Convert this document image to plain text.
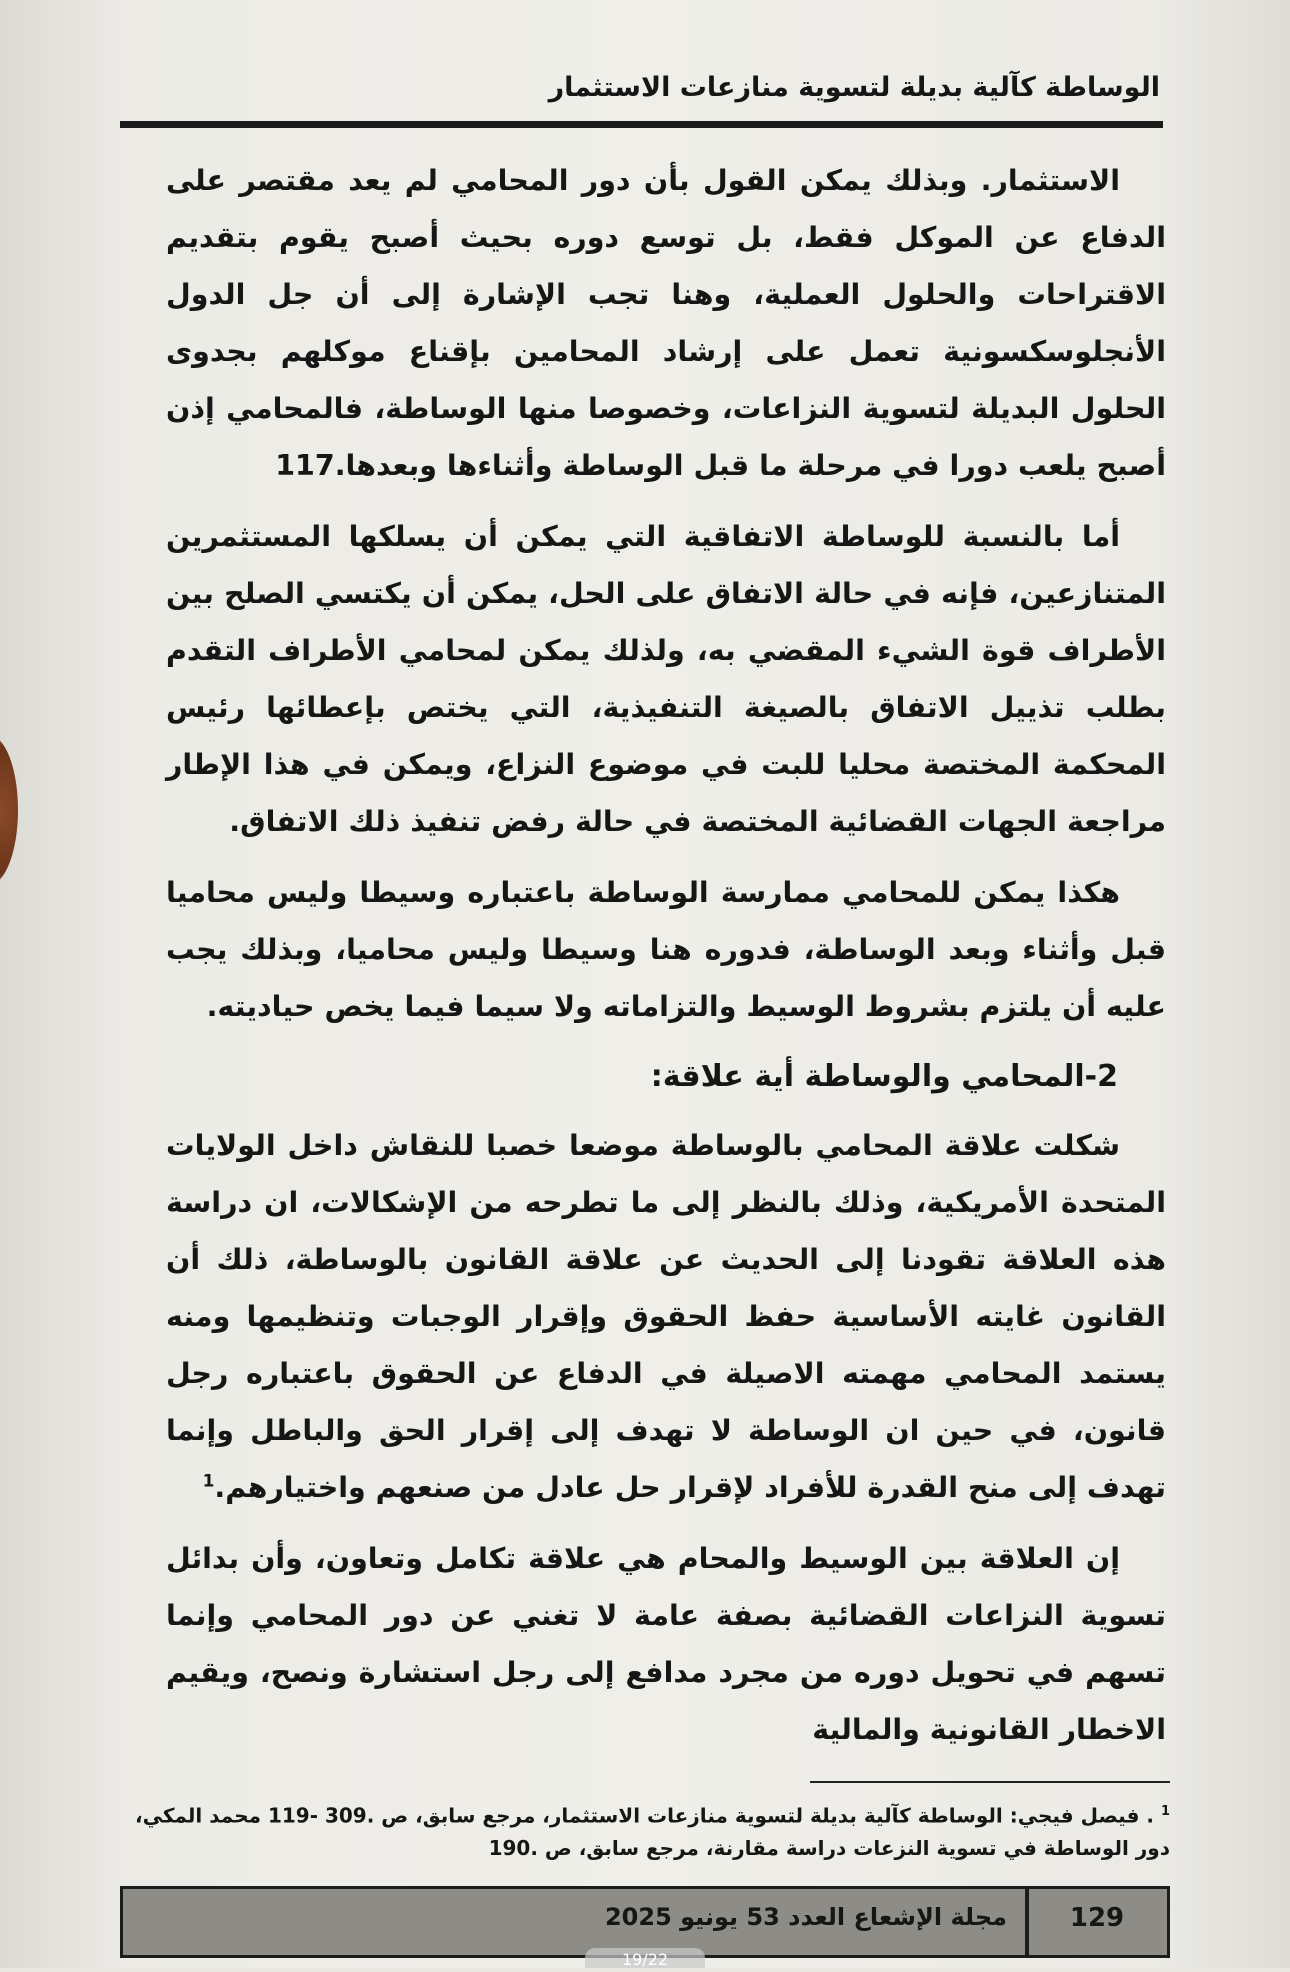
الوساطة كآلية بديلة لتسوية منازعات الاستثمار

الاستثمار. وبذلك يمكن القول بأن دور المحامي لم يعد مقتصر على الدفاع عن الموكل فقط، بل توسع دوره بحيث أصبح يقوم بتقديم الاقتراحات والحلول العملية، وهنا تجب الإشارة إلى أن جل الدول الأنجلوسكسونية تعمل على إرشاد المحامين بإقناع موكلهم بجدوى الحلول البديلة لتسوية النزاعات، وخصوصا منها الوساطة، فالمحامي إذن أصبح يلعب دورا في مرحلة ما قبل الوساطة وأثناءها وبعدها.117

أما بالنسبة للوساطة الاتفاقية التي يمكن أن يسلكها المستثمرين المتنازعين، فإنه في حالة الاتفاق على الحل، يمكن أن يكتسي الصلح بين الأطراف قوة الشيء المقضي به، ولذلك يمكن لمحامي الأطراف التقدم بطلب تذييل الاتفاق بالصيغة التنفيذية، التي يختص بإعطائها رئيس المحكمة المختصة محليا للبت في موضوع النزاع، ويمكن في هذا الإطار مراجعة الجهات القضائية المختصة في حالة رفض تنفيذ ذلك الاتفاق.

هكذا يمكن للمحامي ممارسة الوساطة باعتباره وسيطا وليس محاميا قبل وأثناء وبعد الوساطة، فدوره هنا وسيطا وليس محاميا، وبذلك يجب عليه أن يلتزم بشروط الوسيط والتزاماته ولا سيما فيما يخص حياديته.

2-المحامي والوساطة أية علاقة:

شكلت علاقة المحامي بالوساطة موضعا خصبا للنقاش داخل الولايات المتحدة الأمريكية، وذلك بالنظر إلى ما تطرحه من الإشكالات، ان دراسة هذه العلاقة تقودنا إلى الحديث عن علاقة القانون بالوساطة، ذلك أن القانون غايته الأساسية حفظ الحقوق وإقرار الوجبات وتنظيمها ومنه يستمد المحامي مهمته الاصيلة في الدفاع عن الحقوق باعتباره رجل قانون، في حين ان الوساطة لا تهدف إلى إقرار الحق والباطل وإنما تهدف إلى منح القدرة للأفراد لإقرار حل عادل من صنعهم واختيارهم.$^1$

إن العلاقة بين الوسيط والمحام هي علاقة تكامل وتعاون، وأن بدائل تسوية النزاعات القضائية بصفة عامة لا تغني عن دور المحامي وإنما تسهم في تحويل دوره من مجرد مدافع إلى رجل استشارة ونصح، ويقيم الاخطار القانونية والمالية

$^1$ . فيصل فيجي: الوساطة كآلية بديلة لتسوية منازعات الاستثمار، مرجع سابق، ص .309 -119 محمد المكي، دور الوساطة في تسوية النزعات دراسة مقارنة، مرجع سابق، ص .190
129
مجلة الإشعاع العدد 53 يونيو 2025
19/22
